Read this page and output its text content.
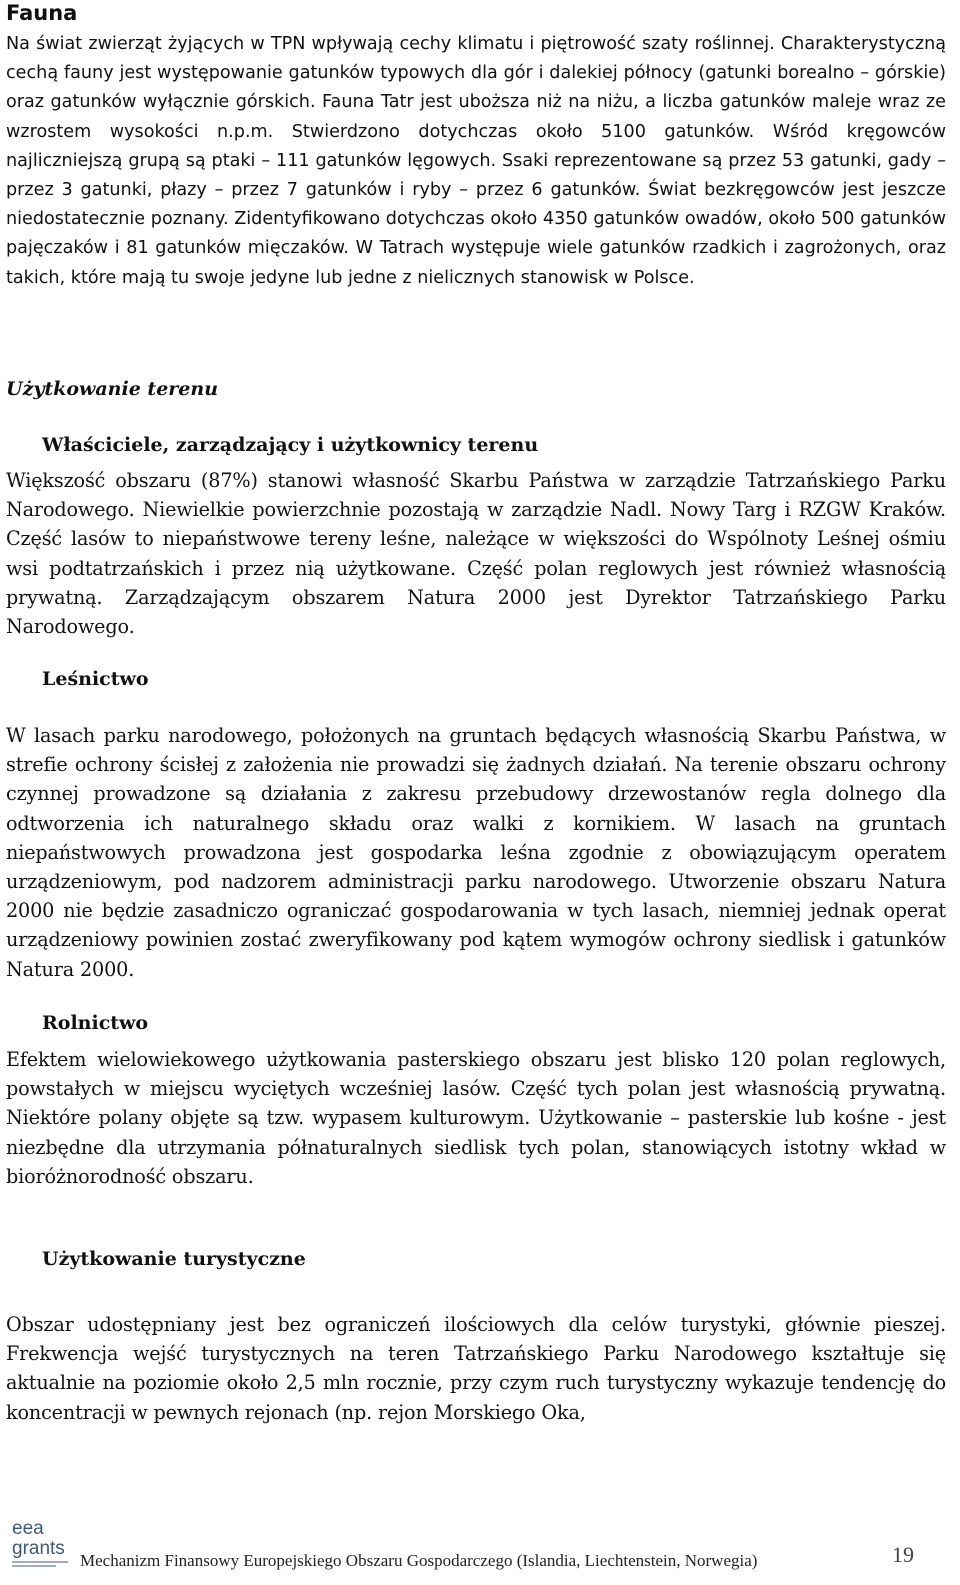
Fauna

Na świat zwierząt żyjących w TPN wpływają cechy klimatu i piętrowość szaty roślinnej. Charakterystyczną cechą fauny jest występowanie gatunków typowych dla gór i dalekiej północy (gatunki borealno – górskie) oraz gatunków wyłącznie górskich. Fauna Tatr jest uboższa niż na niżu, a liczba gatunków maleje wraz ze wzrostem wysokości n.p.m. Stwierdzono dotychczas około 5100 gatunków. Wśród kręgowców najliczniejszą grupą są ptaki – 111 gatunków lęgowych. Ssaki reprezentowane są przez 53 gatunki, gady – przez 3 gatunki, płazy – przez 7 gatunków i ryby – przez 6 gatunków. Świat bezkręgowców jest jeszcze niedostatecznie poznany. Zidentyfikowano dotychczas około 4350 gatunków owadów, około 500 gatunków pajęczaków i 81 gatunków mięczaków. W Tatrach występuje wiele gatunków rzadkich i zagrożonych, oraz takich, które mają tu swoje jedyne lub jedne z nielicznych stanowisk w Polsce.

Użytkowanie terenu
Właściciele, zarządzający i użytkownicy terenu

Większość obszaru (87%) stanowi własność Skarbu Państwa w zarządzie Tatrzańskiego Parku Narodowego. Niewielkie powierzchnie pozostają w zarządzie Nadl. Nowy Targ i RZGW Kraków. Część lasów to niepaństwowe tereny leśne, należące w większości do Wspólnoty Leśnej ośmiu wsi podtatrzańskich i przez nią użytkowane. Część polan reglowych jest również własnością prywatną. Zarządzającym obszarem Natura 2000 jest Dyrektor Tatrzańskiego Parku Narodowego.

Leśnictwo

W lasach parku narodowego, położonych na gruntach będących własnością Skarbu Państwa, w strefie ochrony ścisłej z założenia nie prowadzi się żadnych działań. Na terenie obszaru ochrony czynnej prowadzone są działania z zakresu przebudowy drzewostanów regla dolnego dla odtworzenia ich naturalnego składu oraz walki z kornikiem. W lasach na gruntach niepaństwowych prowadzona jest gospodarka leśna zgodnie z obowiązującym operatem urządzeniowym, pod nadzorem administracji parku narodowego. Utworzenie obszaru Natura 2000 nie będzie zasadniczo ograniczać gospodarowania w tych lasach, niemniej jednak operat urządzeniowy powinien zostać zweryfikowany pod kątem wymogów ochrony siedlisk i gatunków Natura 2000.

Rolnictwo

Efektem wielowiekowego użytkowania pasterskiego obszaru jest blisko 120 polan reglowych, powstałych w miejscu wyciętych wcześniej lasów. Część tych polan jest własnością prywatną. Niektóre polany objęte są tzw. wypasem kulturowym. Użytkowanie – pasterskie lub kośne - jest niezbędne dla utrzymania półnaturalnych siedlisk tych polan, stanowiących istotny wkład w bioróżnorodność obszaru.

Użytkowanie turystyczne

Obszar udostępniany jest bez ograniczeń ilościowych dla celów turystyki, głównie pieszej. Frekwencja wejść turystycznych na teren Tatrzańskiego Parku Narodowego kształtuje się aktualnie na poziomie około 2,5 mln rocznie, przy czym ruch turystyczny wykazuje tendencję do koncentracji w pewnych rejonach (np. rejon Morskiego Oka,

eea
grants
Mechanizm Finansowy Europejskiego Obszaru Gospodarczego (Islandia, Liechtenstein, Norwegia)	19
